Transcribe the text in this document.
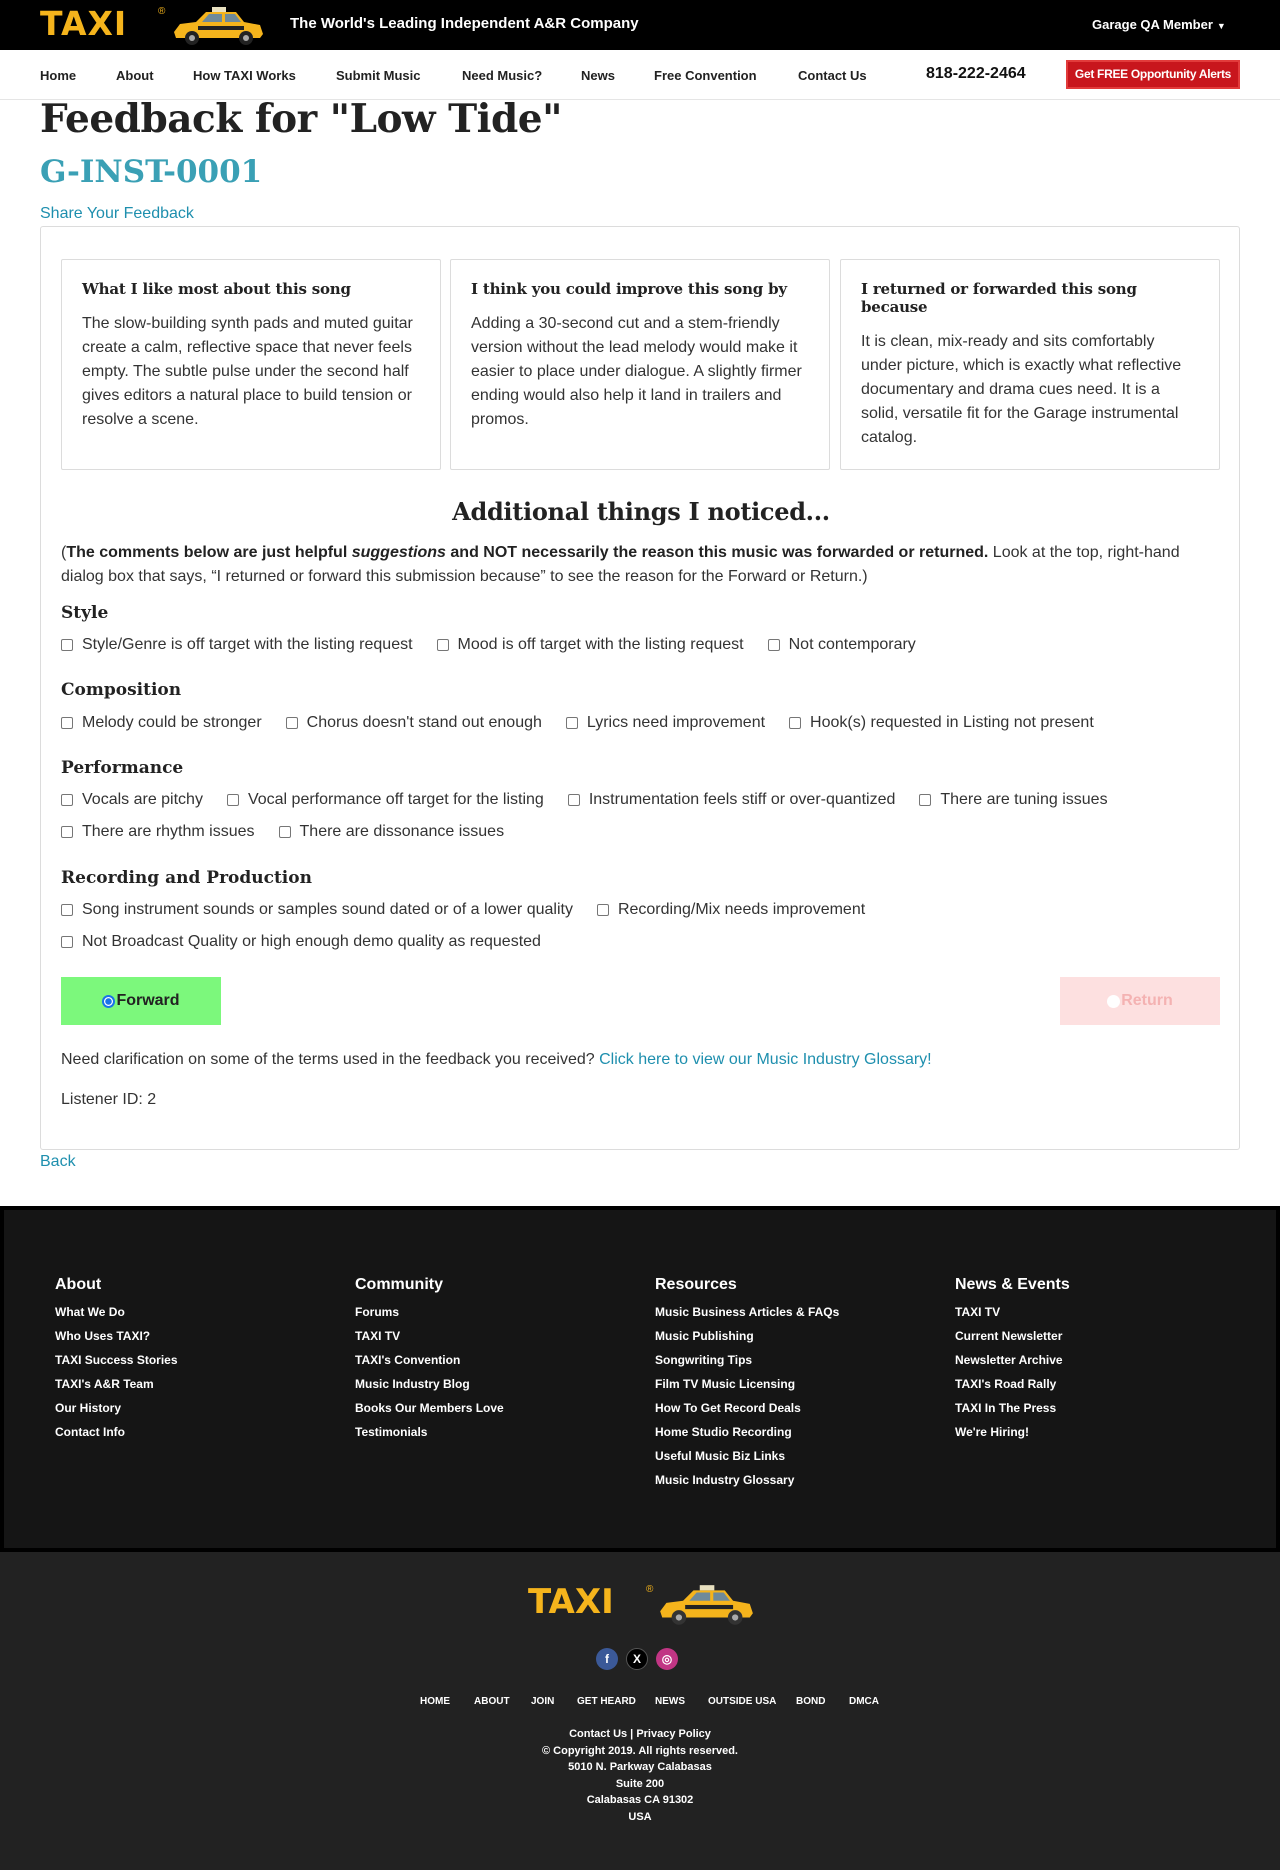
TAXI	®
The World's Leading Independent A&R Company	Garage QA Member ▼
Home	About	How TAXI Works	Submit Music	Need Music?	News	Free Convention	Contact Us	818-222-2464	Get FREE Opportunity Alerts
Feedback for "Low Tide"
G-INST-0001
Share Your Feedback
What I like most about this song
The slow-building synth pads and muted guitar create a calm, reflective space that never feels empty. The subtle pulse under the second half gives editors a natural place to build tension or resolve a scene.
I think you could improve this song by
Adding a 30-second cut and a stem-friendly version without the lead melody would make it easier to place under dialogue. A slightly firmer ending would also help it land in trailers and promos.
I returned or forwarded this song because
It is clean, mix-ready and sits comfortably under picture, which is exactly what reflective documentary and drama cues need. It is a solid, versatile fit for the Garage instrumental catalog.
Additional things I noticed...
(The comments below are just helpful suggestions and NOT necessarily the reason this music was forwarded or returned. Look at the top, right-hand dialog box that says, “I returned or forward this submission because” to see the reason for the Forward or Return.)
Style
Style/Genre is off target with the listing request	Mood is off target with the listing request	Not contemporary
Composition
Melody could be stronger	Chorus doesn't stand out enough	Lyrics need improvement	Hook(s) requested in Listing not present
Performance
Vocals are pitchy	Vocal performance off target for the listing	Instrumentation feels stiff or over-quantized	There are tuning issues
There are rhythm issues	There are dissonance issues
Recording and Production
Song instrument sounds or samples sound dated or of a lower quality	Recording/Mix needs improvement
Not Broadcast Quality or high enough demo quality as requested
Forward	Return
Need clarification on some of the terms used in the feedback you received? Click here to view our Music Industry Glossary!
Listener ID: 2
Back
About
What We Do
Who Uses TAXI?
TAXI Success Stories
TAXI's A&R Team
Our History
Contact Info
Community
Forums
TAXI TV
TAXI's Convention
Music Industry Blog
Books Our Members Love
Testimonials
Resources
Music Business Articles & FAQs
Music Publishing
Songwriting Tips
Film TV Music Licensing
How To Get Record Deals
Home Studio Recording
Useful Music Biz Links
Music Industry Glossary
News & Events
TAXI TV
Current Newsletter
Newsletter Archive
TAXI's Road Rally
TAXI In The Press
We're Hiring!
TAXI	®
f	X	◎
HOME ABOUT JOIN GET HEARD NEWS OUTSIDE USA BOND DMCA
Contact Us | Privacy Policy
© Copyright 2019. All rights reserved.
5010 N. Parkway Calabasas
Suite 200
Calabasas CA 91302
USA
